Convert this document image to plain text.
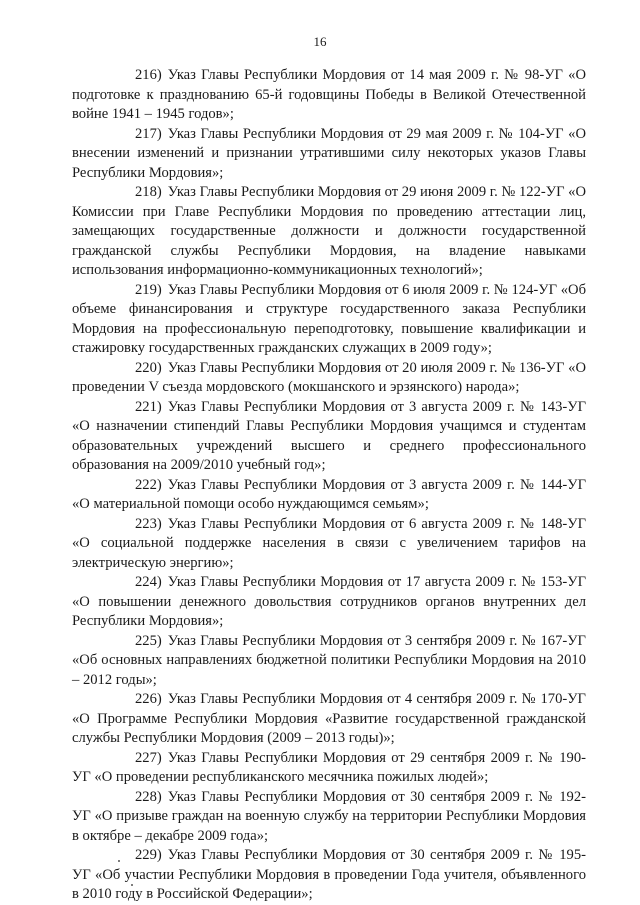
16

216) Указ Главы Республики Мордовия от 14 мая 2009 г. № 98-УГ «О подготовке к празднованию 65-й годовщины Победы в Великой Отечественной войне 1941 – 1945 годов»;

217) Указ Главы Республики Мордовия от 29 мая 2009 г. № 104-УГ «О внесении изменений и признании утратившими силу некоторых указов Главы Республики Мордовия»;

218) Указ Главы Республики Мордовия от 29 июня 2009 г. № 122-УГ «О Комиссии при Главе Республики Мордовия по проведению аттестации лиц, замещающих государственные должности и должности государственной гражданской службы Республики Мордовия, на владение навыками использования информационно-коммуникационных технологий»;

219) Указ Главы Республики Мордовия от 6 июля 2009 г. № 124-УГ «Об объеме финансирования и структуре государственного заказа Республики Мордовия на профессиональную переподготовку, повышение квалификации и стажировку государственных гражданских служащих в 2009 году»;

220) Указ Главы Республики Мордовия от 20 июля 2009 г. № 136-УГ «О проведении V съезда мордовского (мокшанского и эрзянского) народа»;

221) Указ Главы Республики Мордовия от 3 августа 2009 г. № 143-УГ «О назначении стипендий Главы Республики Мордовия учащимся и студентам образовательных учреждений высшего и среднего профессионального образования на 2009/2010 учебный год»;

222) Указ Главы Республики Мордовия от 3 августа 2009 г. № 144-УГ «О материальной помощи особо нуждающимся семьям»;

223) Указ Главы Республики Мордовия от 6 августа 2009 г. № 148-УГ «О социальной поддержке населения в связи с увеличением тарифов на электрическую энергию»;

224) Указ Главы Республики Мордовия от 17 августа 2009 г. № 153-УГ «О повышении денежного довольствия сотрудников органов внутренних дел Республики Мордовия»;

225) Указ Главы Республики Мордовия от 3 сентября 2009 г. № 167-УГ «Об основных направлениях бюджетной политики Республики Мордовия на 2010 – 2012 годы»;

226) Указ Главы Республики Мордовия от 4 сентября 2009 г. № 170-УГ «О Программе Республики Мордовия «Развитие государственной гражданской службы Республики Мордовия (2009 – 2013 годы)»;

227) Указ Главы Республики Мордовия от 29 сентября 2009 г. № 190-УГ «О проведении республиканского месячника пожилых людей»;

228) Указ Главы Республики Мордовия от 30 сентября 2009 г. № 192-УГ «О призыве граждан на военную службу на территории Республики Мордовия в октябре – декабре 2009 года»;

229) Указ Главы Республики Мордовия от 30 сентября 2009 г. № 195-УГ «Об участии Республики Мордовия в проведении Года учителя, объявленного в 2010 году в Российской Федерации»;
